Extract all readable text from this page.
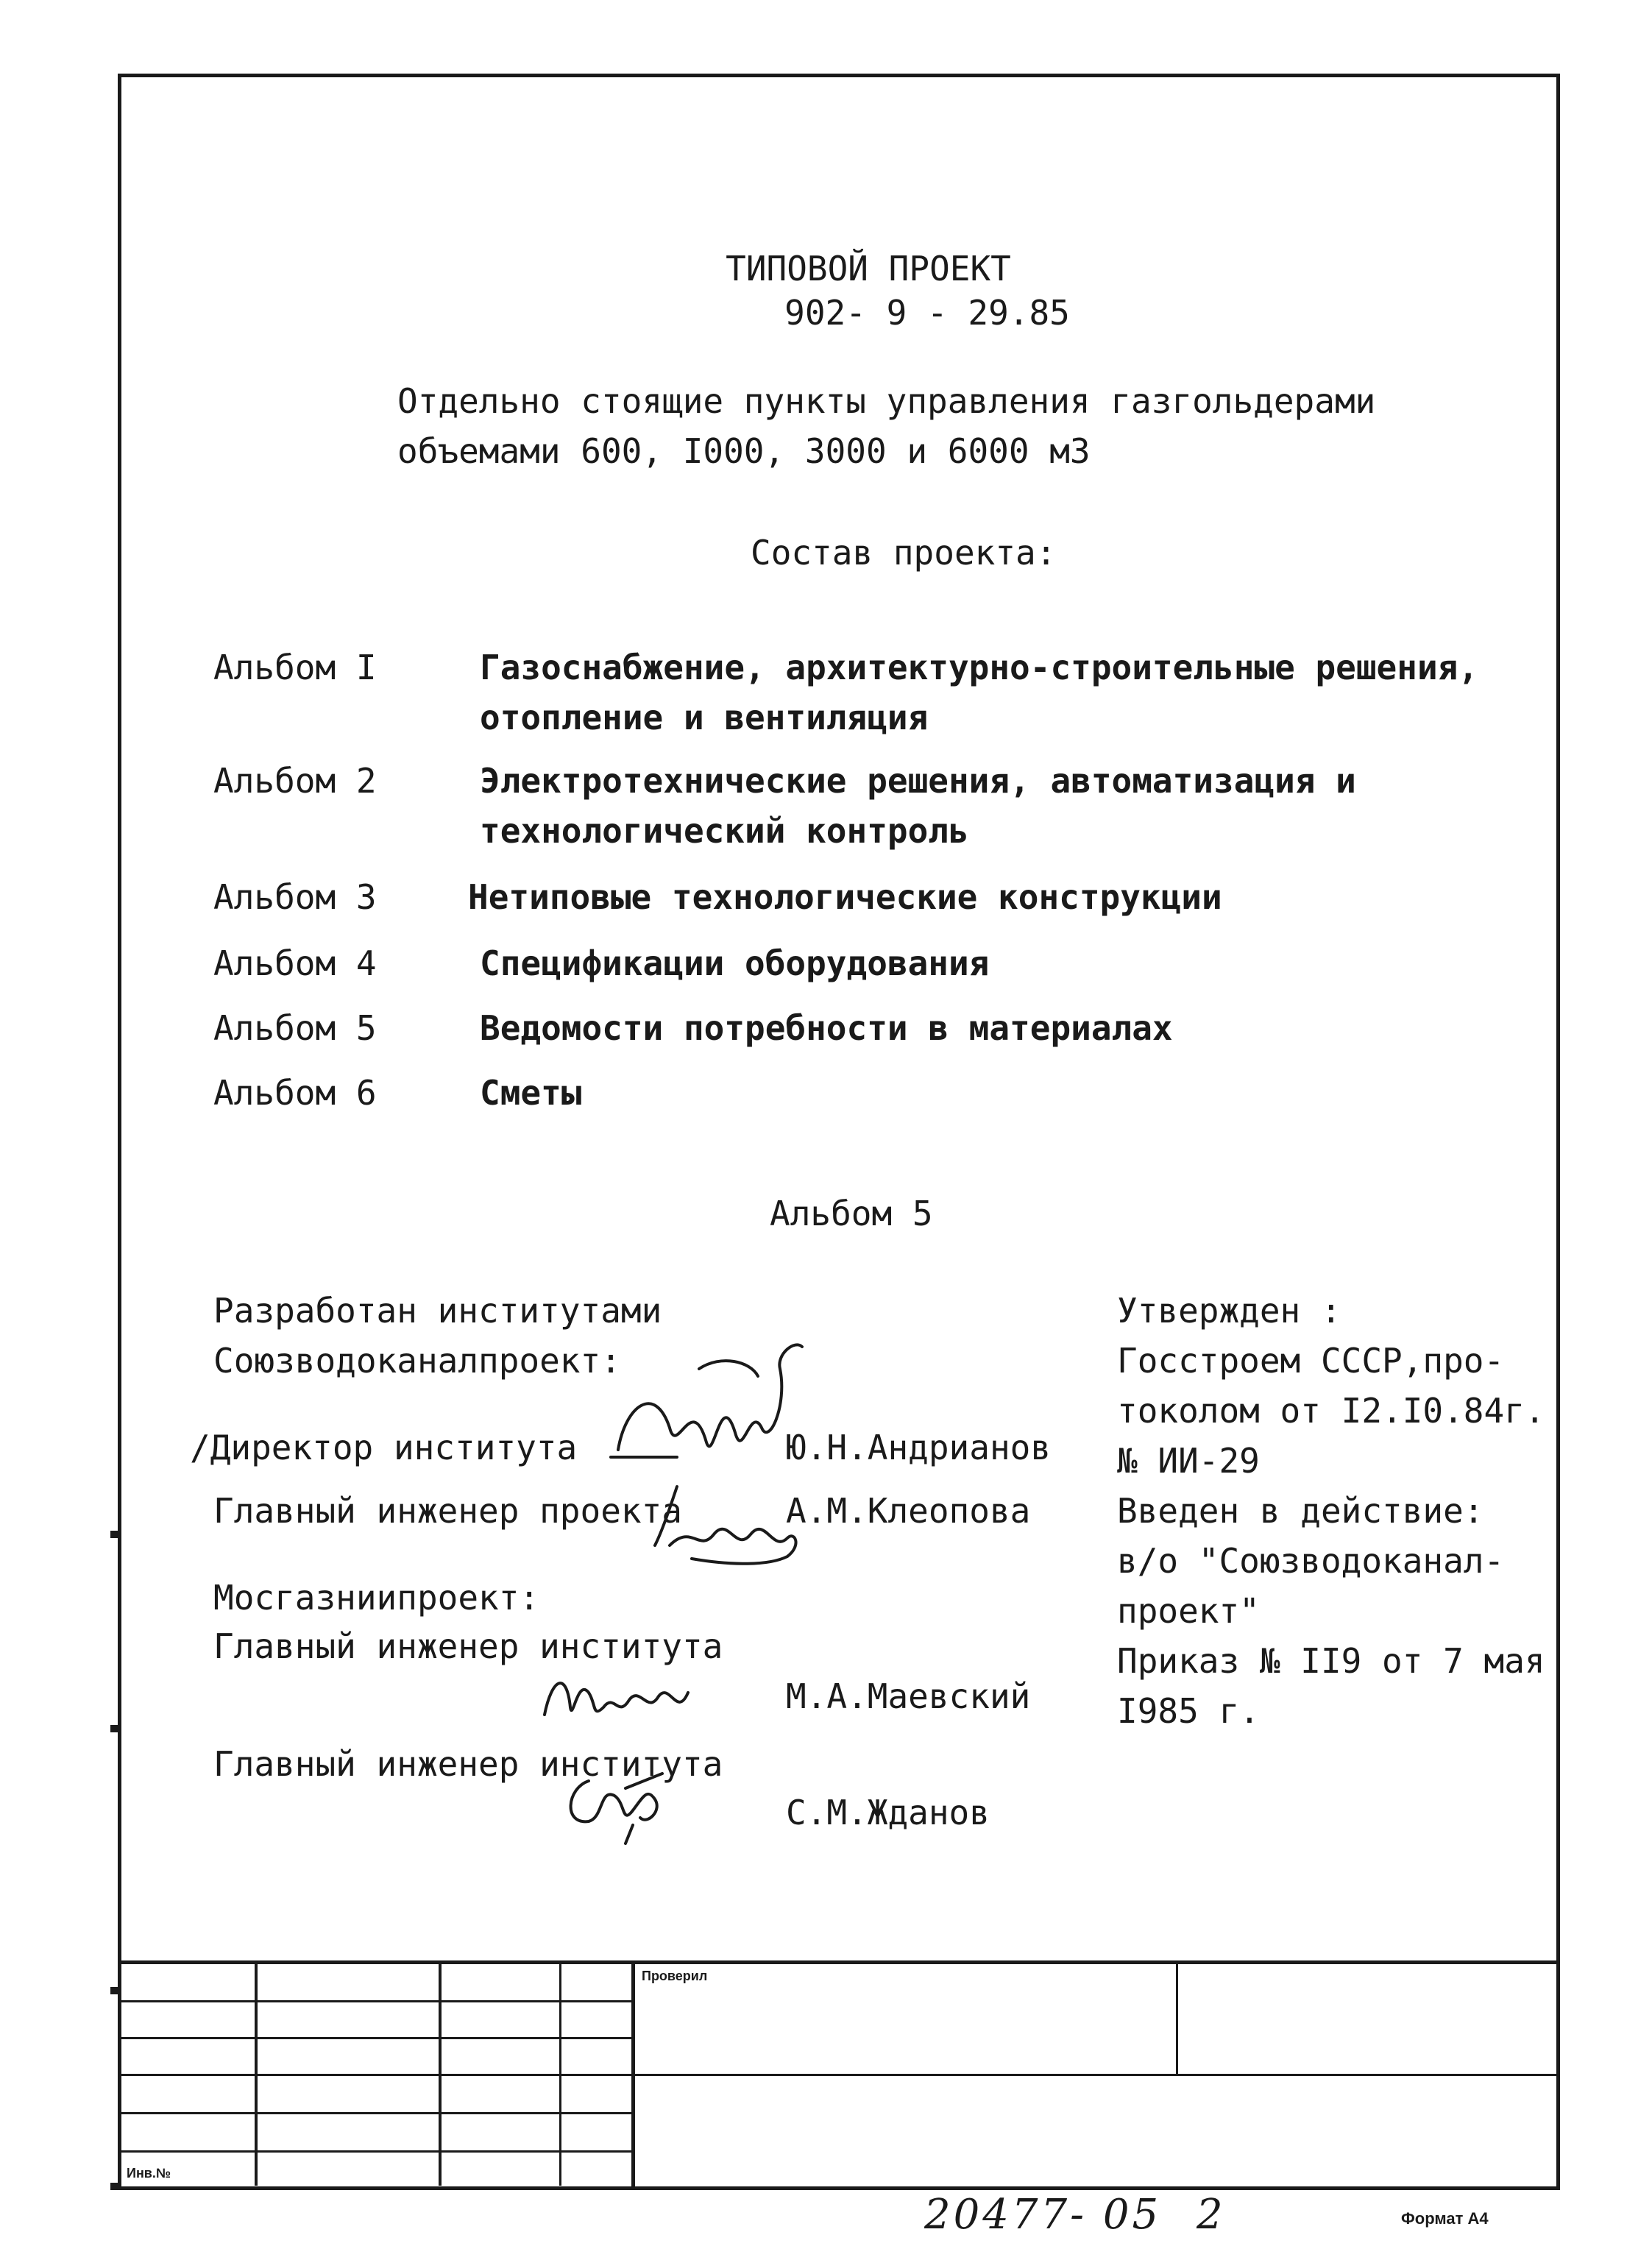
ТИПОВОЙ ПРОЕКТ
902- 9 - 29.85
Отдельно стоящие пункты управления газгольдерами
объемами 600, I000, 3000 и 6000 м3
Состав проекта:
Альбом I	Газоснабжение, архитектурно-строительные решения,
отопление и вентиляция
Альбом 2	Электротехнические решения, автоматизация и
технологический контроль
Альбом 3	Нетиповые технологические конструкции
Альбом 4	Спецификации оборудования
Альбом 5	Ведомости потребности в материалах
Альбом 6	Сметы
Альбом 5
Разработан институтами
Союзводоканалпроект:
/Директор института	Ю.Н.Андрианов
Главный инженер проекта	А.М.Клеопова
Мосгазниипроект:
Главный инженер института
М.А.Маевский
Главный инженер института
С.М.Жданов
Утвержден :
Госстроем СССР,про-
токолом от I2.I0.84г.
№ ИИ-29
Введен в действие:
в/о "Союзводоканал-
проект"
Приказ № II9 от 7 мая
I985 г.
Проверил
Инв.№
20477- 05 2	Формат А4
